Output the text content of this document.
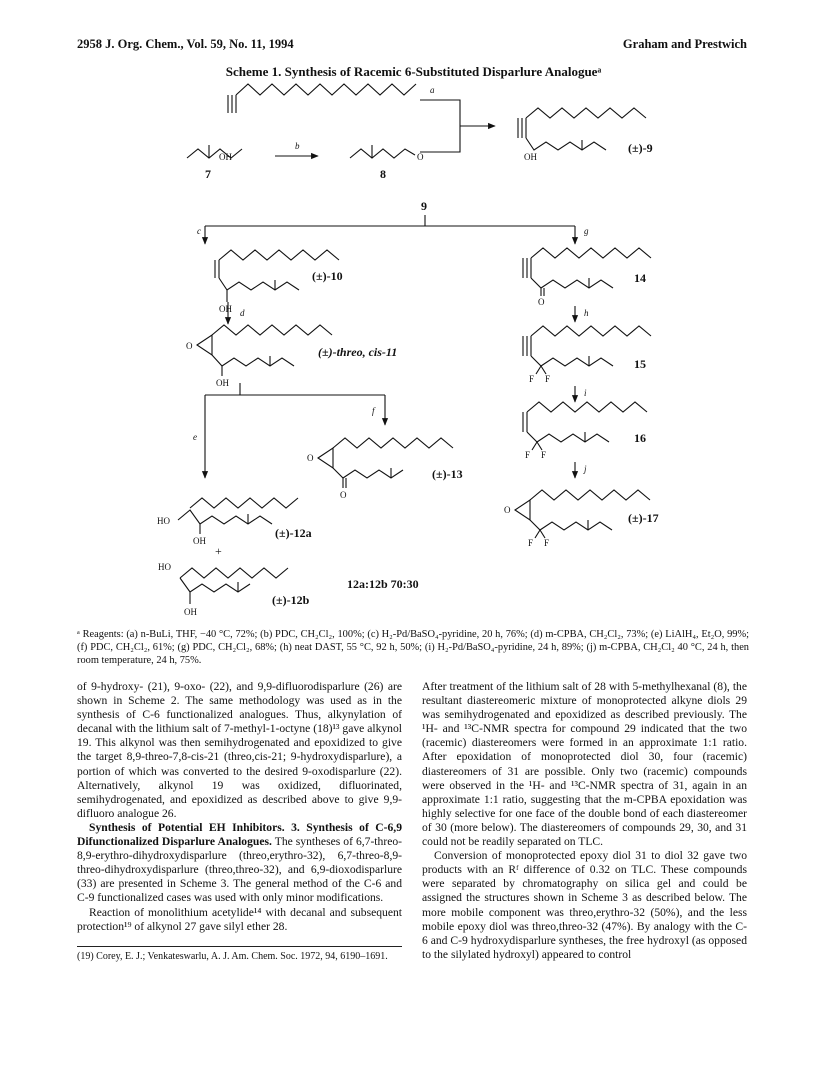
2958 J. Org. Chem., Vol. 59, No. 11, 1994	Graham and Prestwich
Scheme 1. Synthesis of Racemic 6-Substituted Disparlure Analogueᵃ
a
b
c
d
e
f
g
h
i
j
OH	O	OH
OH
O
OH
O
O
HO
OH
+
HO
OH
O
F F
F F
O
F F
7	8
(±)-9
9
(±)-10
(±)-threo, cis-11
(±)-13
(±)-12a
(±)-12b
12a:12b 70:30
14
15
16
(±)-17
ᵃ Reagents: (a) n-BuLi, THF, −40 °C, 72%; (b) PDC, CH₂Cl₂, 100%; (c) H₂-Pd/BaSO₄-pyridine, 20 h, 76%; (d) m-CPBA, CH₂Cl₂, 73%; (e) LiAlH₄, Et₂O, 99%; (f) PDC, CH₂Cl₂, 61%; (g) PDC, CH₂Cl₂, 68%; (h) neat DAST, 55 °C, 92 h, 50%; (i) H₂-Pd/BaSO₄-pyridine, 24 h, 89%; (j) m-CPBA, CH₂Cl₂ 40 °C, 24 h, then room temperature, 24 h, 75%.

of 9-hydroxy- (21), 9-oxo- (22), and 9,9-difluorodisparlure (26) are shown in Scheme 2. The same methodology was used as in the synthesis of C-6 functionalized analogues. Thus, alkynylation of decanal with the lithium salt of 7-methyl-1-octyne (18)¹³ gave alkynol 19. This alkynol was then semihydrogenated and epoxidized to give the target 8,9-threo-7,8-cis-21 (threo,cis-21; 9-hydroxydisparlure), a portion of which was converted to the desired 9-oxodisparlure (22). Alternatively, alkynol 19 was oxidized, difluorinated, semihydrogenated, and epoxidized as described above to give 9,9-difluoro analogue 26.

Synthesis of Potential EH Inhibitors. 3. Synthesis of C-6,9 Difunctionalized Disparlure Analogues. The syntheses of 6,7-threo-8,9-erythro-dihydroxydisparlure (threo,erythro-32), 6,7-threo-8,9-threo-dihydroxydisparlure (threo,threo-32), and 6,9-dioxodisparlure (33) are presented in Scheme 3. The general method of the C-6 and C-9 functionalized cases was used with only minor modifications.

Reaction of monolithium acetylide¹⁴ with decanal and subsequent protection¹⁹ of alkynol 27 gave silyl ether 28.

(19) Corey, E. J.; Venkateswarlu, A. J. Am. Chem. Soc. 1972, 94, 6190–1691.

After treatment of the lithium salt of 28 with 5-methylhexanal (8), the resultant diastereomeric mixture of monoprotected alkyne diols 29 was semihydrogenated and epoxidized as described previously. The ¹H- and ¹³C-NMR spectra for compound 29 indicated that the two (racemic) diastereomers were formed in an approximate 1:1 ratio. After epoxidation of monoprotected diol 30, four (racemic) diastereomers of 31 are possible. Only two (racemic) compounds were observed in the ¹H- and ¹³C-NMR spectra of 31, again in an approximate 1:1 ratio, suggesting that the m-CPBA epoxidation was highly selective for one face of the double bond of each diastereomer of 30 (more below). The diastereomers of compounds 29, 30, and 31 could not be readily separated on TLC.

Conversion of monoprotected epoxy diol 31 to diol 32 gave two products with an Rᶠ difference of 0.32 on TLC. These compounds were separated by chromatography on silica gel and could be assigned the structures shown in Scheme 3 as described below. The more mobile component was threo,erythro-32 (50%), and the less mobile epoxy diol was threo,threo-32 (47%). By analogy with the C-6 and C-9 hydroxydisparlure syntheses, the free hydroxyl (as opposed to the silylated hydroxyl) appeared to control
